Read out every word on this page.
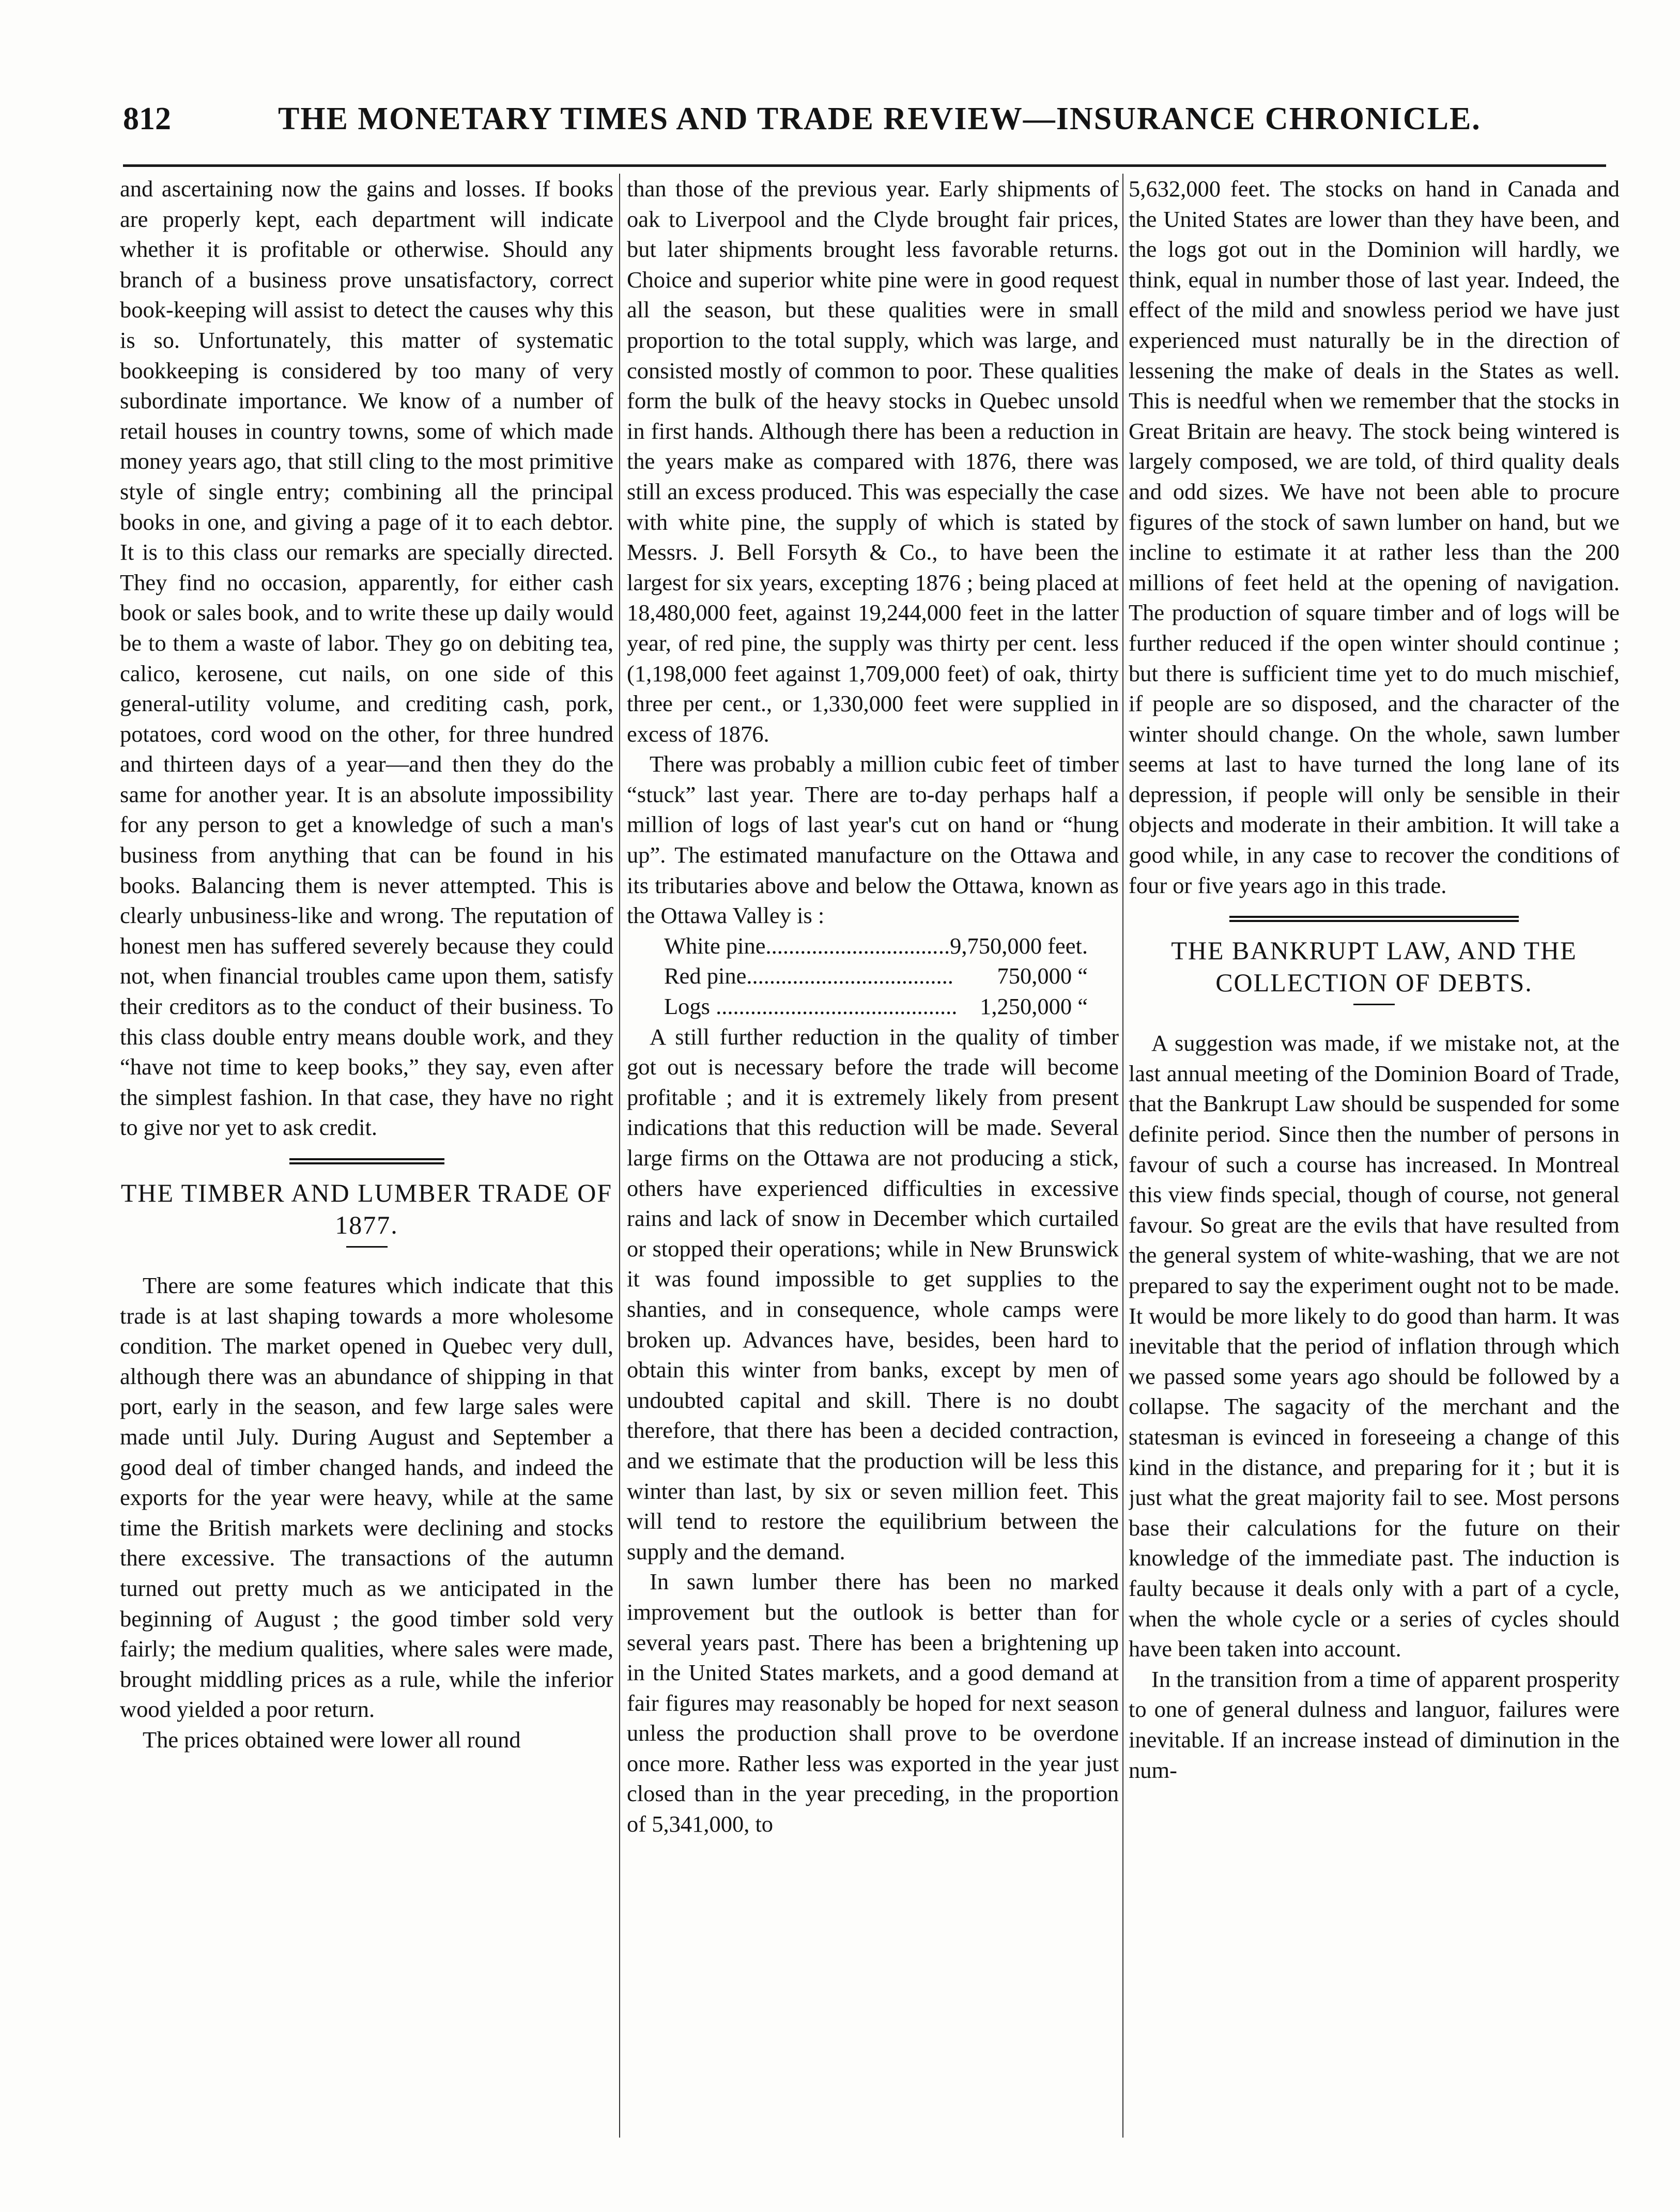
812	THE MONETARY TIMES AND TRADE REVIEW—INSURANCE CHRONICLE.

and ascertaining now the gains and losses. If books are properly kept, each department will indicate whether it is profitable or otherwise. Should any branch of a business prove unsatisfactory, correct book-keeping will assist to detect the causes why this is so. Unfortunately, this matter of systematic bookkeeping is considered by too many of very subordinate importance. We know of a number of retail houses in country towns, some of which made money years ago, that still cling to the most primitive style of single entry; combining all the principal books in one, and giving a page of it to each debtor. It is to this class our remarks are specially directed. They find no occasion, apparently, for either cash book or sales book, and to write these up daily would be to them a waste of labor. They go on debiting tea, calico, kerosene, cut nails, on one side of this general-utility volume, and crediting cash, pork, potatoes, cord wood on the other, for three hundred and thirteen days of a year—and then they do the same for another year. It is an absolute impossibility for any person to get a knowledge of such a man's business from anything that can be found in his books. Balancing them is never attempted. This is clearly unbusiness-like and wrong. The reputation of honest men has suffered severely because they could not, when financial troubles came upon them, satisfy their creditors as to the conduct of their business. To this class double entry means double work, and they “have not time to keep books,” they say, even after the simplest fashion. In that case, they have no right to give nor yet to ask credit.

THE TIMBER AND LUMBER TRADE OF 1877.

There are some features which indicate that this trade is at last shaping towards a more wholesome condition. The market opened in Quebec very dull, although there was an abundance of shipping in that port, early in the season, and few large sales were made until July. During August and September a good deal of timber changed hands, and indeed the exports for the year were heavy, while at the same time the British markets were declining and stocks there excessive. The transactions of the autumn turned out pretty much as we anticipated in the beginning of August ; the good timber sold very fairly; the medium qualities, where sales were made, brought middling prices as a rule, while the inferior wood yielded a poor return.

The prices obtained were lower all round

than those of the previous year. Early shipments of oak to Liverpool and the Clyde brought fair prices, but later shipments brought less favorable returns. Choice and superior white pine were in good request all the season, but these qualities were in small proportion to the total supply, which was large, and consisted mostly of common to poor. These qualities form the bulk of the heavy stocks in Quebec unsold in first hands. Although there has been a reduction in the years make as compared with 1876, there was still an excess produced. This was especially the case with white pine, the supply of which is stated by Messrs. J. Bell Forsyth & Co., to have been the largest for six years, excepting 1876 ; being placed at 18,480,000 feet, against 19,244,000 feet in the latter year, of red pine, the supply was thirty per cent. less (1,198,000 feet against 1,709,000 feet) of oak, thirty three per cent., or 1,330,000 feet were supplied in excess of 1876.

There was probably a million cubic feet of timber “stuck” last year. There are to-day perhaps half a million of logs of last year's cut on hand or “hung up”. The estimated manufacture on the Ottawa and its tributaries above and below the Ottawa, known as the Ottawa Valley is :

White pine.............................. ..9,750,000 feet.
Red pine....................................	750,000 “
Logs .......................................... 1,250,000 “

A still further reduction in the quality of timber got out is necessary before the trade will become profitable ; and it is extremely likely from present indications that this reduction will be made. Several large firms on the Ottawa are not producing a stick, others have experienced difficulties in excessive rains and lack of snow in December which curtailed or stopped their operations; while in New Brunswick it was found impossible to get supplies to the shanties, and in consequence, whole camps were broken up. Advances have, besides, been hard to obtain this winter from banks, except by men of undoubted capital and skill. There is no doubt therefore, that there has been a decided contraction, and we estimate that the production will be less this winter than last, by six or seven million feet. This will tend to restore the equilibrium between the supply and the demand.

In sawn lumber there has been no marked improvement but the outlook is better than for several years past. There has been a brightening up in the United States markets, and a good demand at fair figures may reasonably be hoped for next season unless the production shall prove to be overdone once more. Rather less was exported in the year just closed than in the year preceding, in the proportion of 5,341,000, to

5,632,000 feet. The stocks on hand in Canada and the United States are lower than they have been, and the logs got out in the Dominion will hardly, we think, equal in number those of last year. Indeed, the effect of the mild and snowless period we have just experienced must naturally be in the direction of lessening the make of deals in the States as well. This is needful when we remember that the stocks in Great Britain are heavy. The stock being wintered is largely composed, we are told, of third quality deals and odd sizes. We have not been able to procure figures of the stock of sawn lumber on hand, but we incline to estimate it at rather less than the 200 millions of feet held at the opening of navigation. The production of square timber and of logs will be further reduced if the open winter should continue ; but there is sufficient time yet to do much mischief, if people are so disposed, and the character of the winter should change. On the whole, sawn lumber seems at last to have turned the long lane of its depression, if people will only be sensible in their objects and moderate in their ambition. It will take a good while, in any case to recover the conditions of four or five years ago in this trade.

THE BANKRUPT LAW, AND THE COLLECTION OF DEBTS.

A suggestion was made, if we mistake not, at the last annual meeting of the Dominion Board of Trade, that the Bankrupt Law should be suspended for some definite period. Since then the number of persons in favour of such a course has increased. In Montreal this view finds special, though of course, not general favour. So great are the evils that have resulted from the general system of white-washing, that we are not prepared to say the experiment ought not to be made. It would be more likely to do good than harm. It was inevitable that the period of inflation through which we passed some years ago should be followed by a collapse. The sagacity of the merchant and the statesman is evinced in foreseeing a change of this kind in the distance, and preparing for it ; but it is just what the great majority fail to see. Most persons base their calculations for the future on their knowledge of the immediate past. The induction is faulty because it deals only with a part of a cycle, when the whole cycle or a series of cycles should have been taken into account.

In the transition from a time of apparent prosperity to one of general dulness and languor, failures were inevitable. If an increase instead of diminution in the num-
